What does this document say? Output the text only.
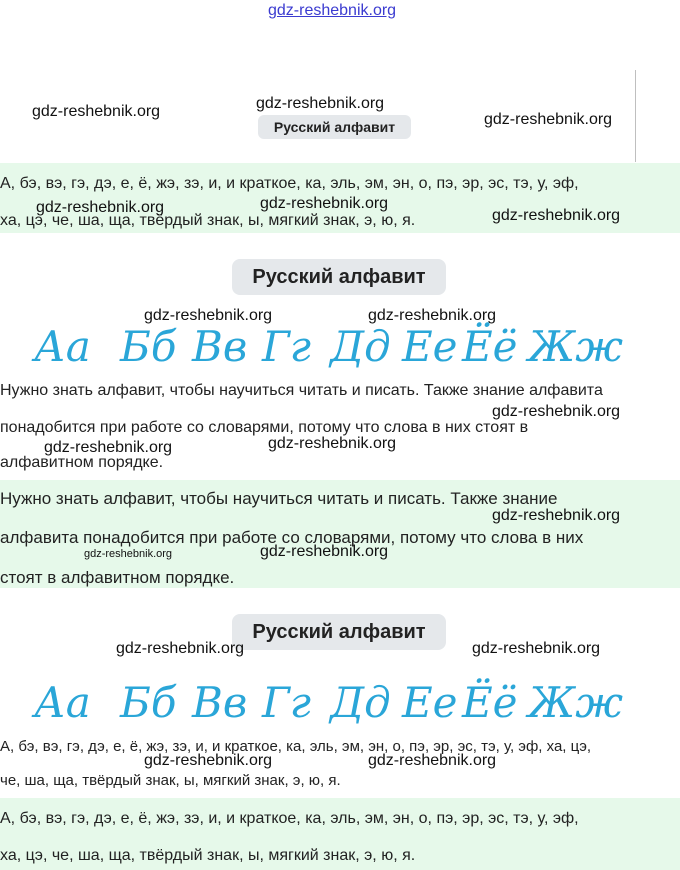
gdz-reshebnik.org
gdz-reshebnik.org	gdz-reshebnik.org
gdz-reshebnik.org
Русский алфавит
А, бэ, вэ, гэ, дэ, е, ё, жэ, зэ, и, и краткое, ка, эль, эм, эн, о, пэ, эр, эс, тэ, у, эф,
ха, цэ, че, ша, ща, твёрдый знак, ы, мягкий знак, э, ю, я.
gdz-reshebnik.org	gdz-reshebnik.org
gdz-reshebnik.org
Русский алфавит
gdz-reshebnik.org	gdz-reshebnik.org
Аа Бб Вв Гг Дд Ее Ёё Жж
Нужно знать алфавит, чтобы научиться читать и писать. Также знание алфавита
понадобится при работе со словарями, потому что слова в них стоят в
алфавитном порядке.
gdz-reshebnik.org
gdz-reshebnik.org	gdz-reshebnik.org
Нужно знать алфавит, чтобы научиться читать и писать. Также знание
алфавита понадобится при работе со словарями, потому что слова в них
стоят в алфавитном порядке.
gdz-reshebnik.org
gdz-reshebnik.org	gdz-reshebnik.org
Русский алфавит
gdz-reshebnik.org	gdz-reshebnik.org
Аа Бб Вв Гг Дд Ее Ёё Жж
А, бэ, вэ, гэ, дэ, е, ё, жэ, зэ, и, и краткое, ка, эль, эм, эн, о, пэ, эр, эс, тэ, у, эф, ха, цэ,
че, ша, ща, твёрдый знак, ы, мягкий знак, э, ю, я.
gdz-reshebnik.org	gdz-reshebnik.org
А, бэ, вэ, гэ, дэ, е, ё, жэ, зэ, и, и краткое, ка, эль, эм, эн, о, пэ, эр, эс, тэ, у, эф,
ха, цэ, че, ша, ща, твёрдый знак, ы, мягкий знак, э, ю, я.
